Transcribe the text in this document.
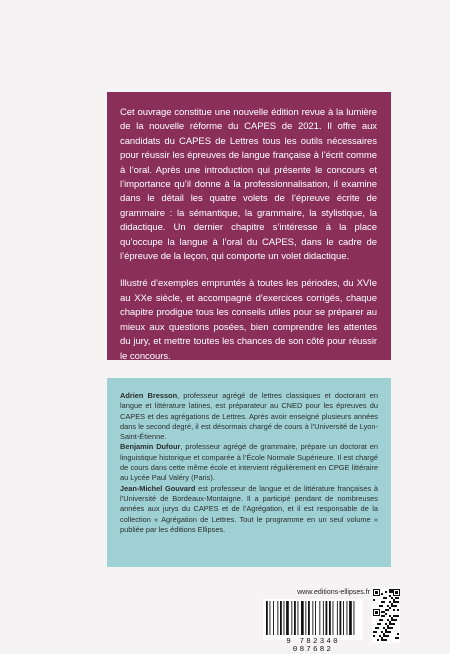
Cet ouvrage constitue une nouvelle édition revue à la lumière de la nouvelle réforme du CAPES de 2021. Il offre aux candidats du CAPES de Lettres tous les outils nécessaires pour réussir les épreuves de langue française à l’écrit comme à l’oral. Après une introduction qui présente le concours et l’importance qu’il donne à la professionnalisation, il examine dans le détail les quatre volets de l’épreuve écrite de grammaire : la sémantique, la grammaire, la stylistique, la didactique. Un dernier chapitre s’intéresse à la place qu’occupe la langue à l’oral du CAPES, dans le cadre de l’épreuve de la leçon, qui comporte un volet didactique.

Illustré d’exemples empruntés à toutes les périodes, du XVIe au XXe siècle, et accompagné d’exercices corrigés, chaque chapitre prodigue tous les conseils utiles pour se préparer au mieux aux questions posées, bien comprendre les attentes du jury, et mettre toutes les chances de son côté pour réussir le concours.

Adrien Bresson, professeur agrégé de lettres classiques et doctorant en langue et littérature latines, est préparateur au CNED pour les épreuves du CAPES et des agrégations de Lettres. Après avoir enseigné plusieurs années dans le second degré, il est désormais chargé de cours à l’Université de Lyon-Saint-Étienne.

Benjamin Dufour, professeur agrégé de grammaire, prépare un doctorat en linguistique historique et comparée à l’École Normale Supérieure. Il est chargé de cours dans cette même école et intervient régulièrement en CPGE littéraire au Lycée Paul Valéry (Paris).

Jean-Michel Gouvard est professeur de langue et de littérature françaises à l’Université de Bordeaux-Montaigne. Il a participé pendant de nombreuses années aux jurys du CAPES et de l’Agrégation, et il est responsable de la collection « Agrégation de Lettres. Tout le programme en un seul volume » publiée par les éditions Ellipses.

www.editions-ellipses.fr
9 782340 087682
